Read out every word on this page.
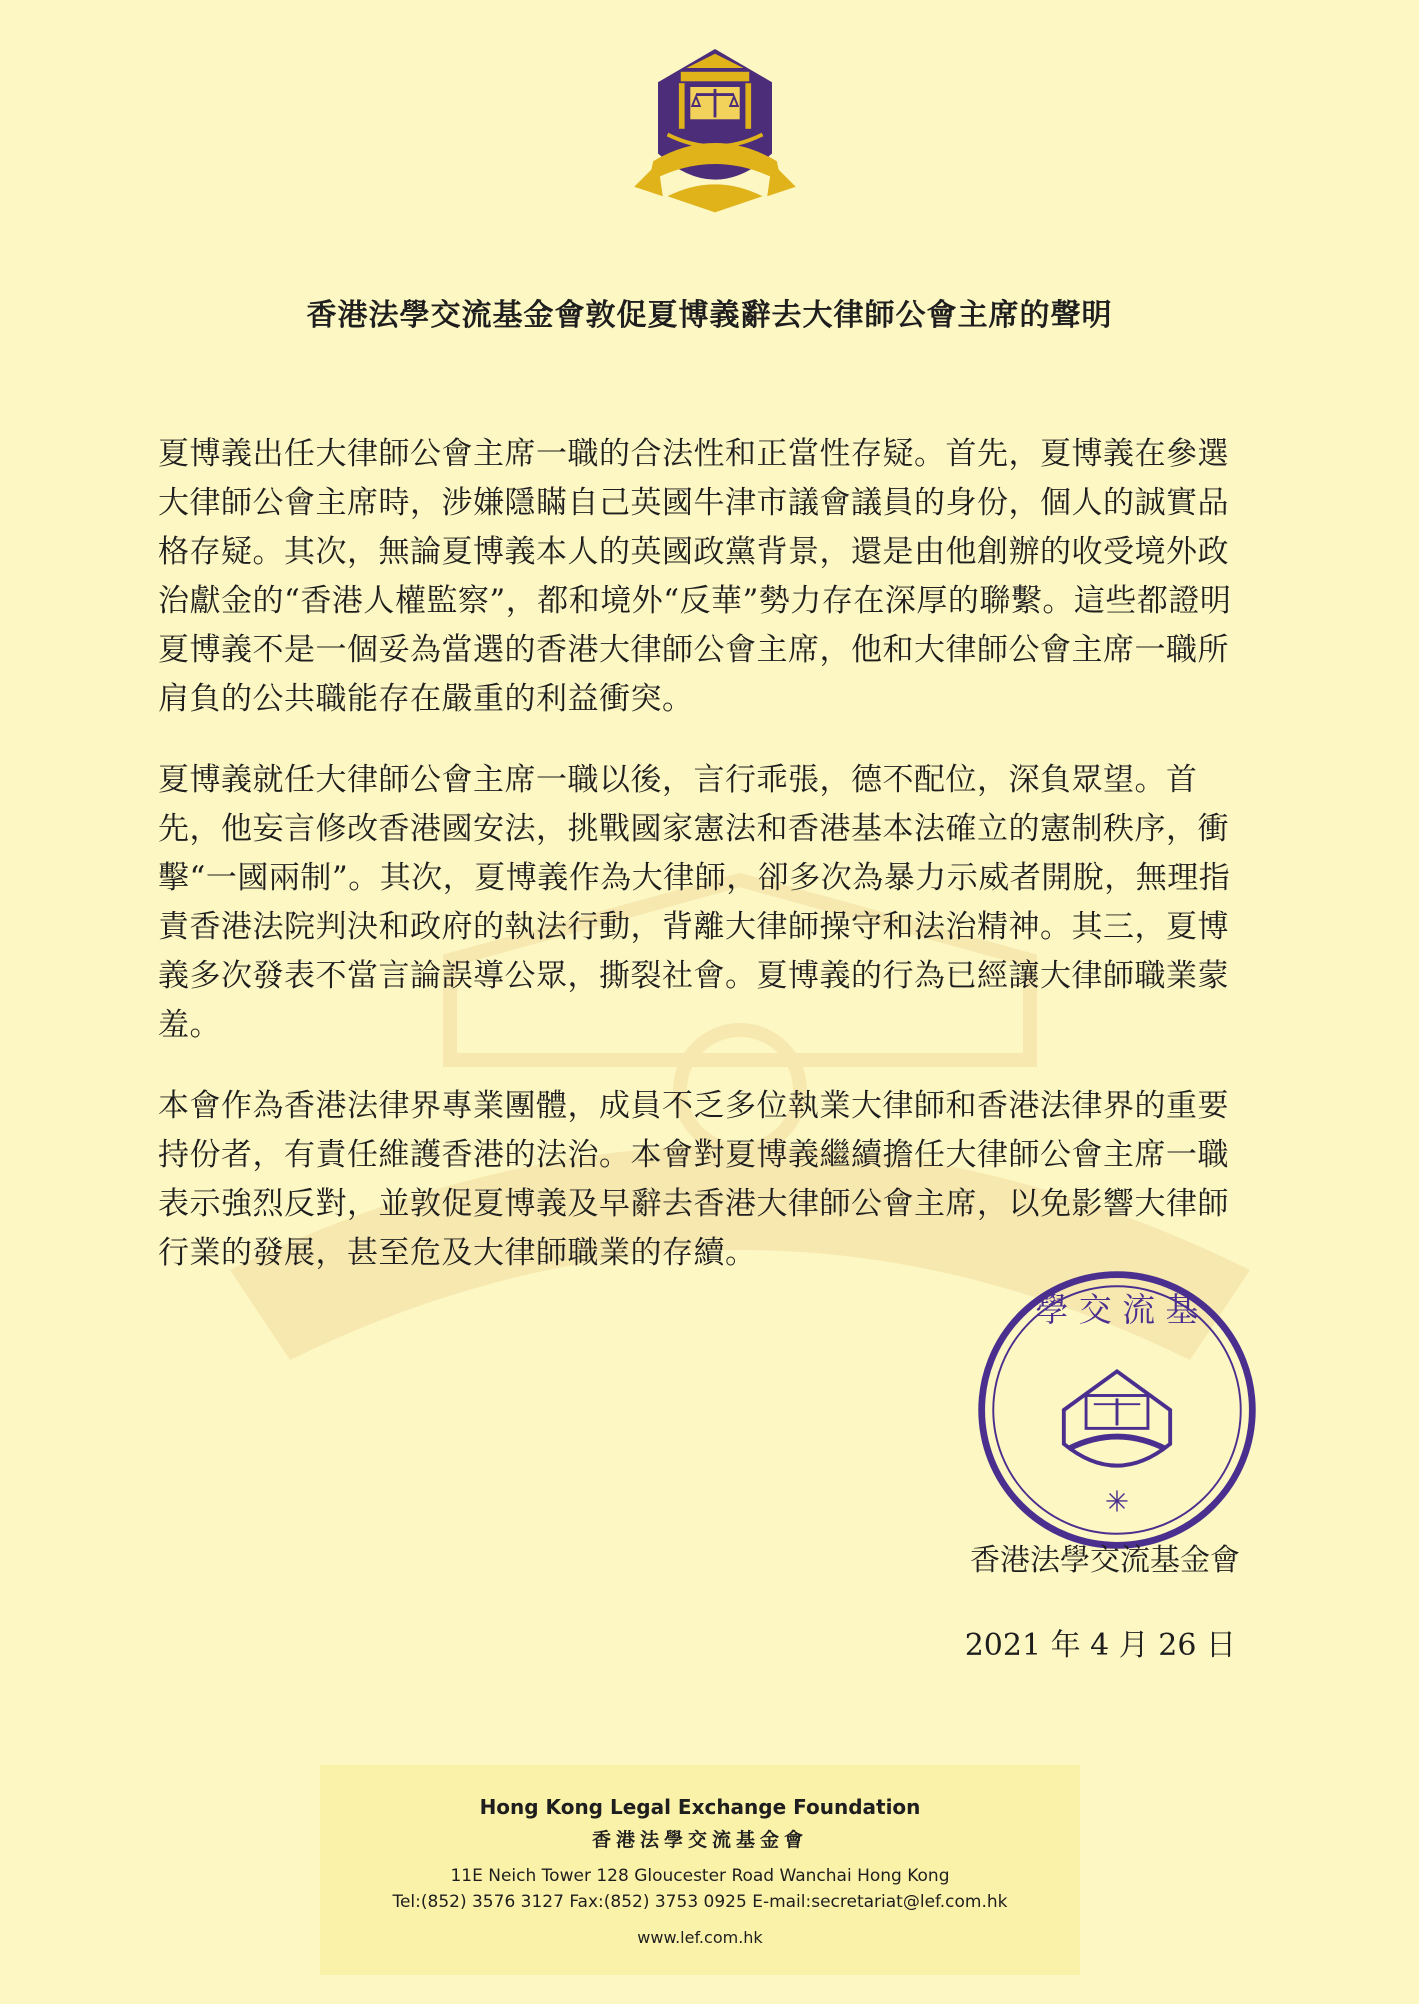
香港法學交流基金會敦促夏博義辭去大律師公會主席的聲明

夏博義出任大律師公會主席一職的合法性和正當性存疑。首先，夏博義在參選大律師公會主席時，涉嫌隱瞞自己英國牛津市議會議員的身份，個人的誠實品格存疑。其次，無論夏博義本人的英國政黨背景，還是由他創辦的收受境外政治獻金的“香港人權監察”，都和境外“反華”勢力存在深厚的聯繫。這些都證明夏博義不是一個妥為當選的香港大律師公會主席，他和大律師公會主席一職所肩負的公共職能存在嚴重的利益衝突。

夏博義就任大律師公會主席一職以後，言行乖張，德不配位，深負眾望。首先，他妄言修改香港國安法，挑戰國家憲法和香港基本法確立的憲制秩序，衝擊“一國兩制”。其次，夏博義作為大律師，卻多次為暴力示威者開脫，無理指責香港法院判決和政府的執法行動，背離大律師操守和法治精神。其三，夏博義多次發表不當言論誤導公眾，撕裂社會。夏博義的行為已經讓大律師職業蒙羞。

本會作為香港法律界專業團體，成員不乏多位執業大律師和香港法律界的重要持份者，有責任維護香港的法治。本會對夏博義繼續擔任大律師公會主席一職表示強烈反對，並敦促夏博義及早辭去香港大律師公會主席，以免影響大律師行業的發展，甚至危及大律師職業的存續。

✳
學 交 流 基
香港法學交流基金會
2021 年 4 月 26 日
Hong Kong Legal Exchange Foundation
香港法學交流基金會
11E Neich Tower 128 Gloucester Road Wanchai Hong Kong
Tel:(852) 3576 3127 Fax:(852) 3753 0925 E-mail:secretariat@lef.com.hk
www.lef.com.hk
